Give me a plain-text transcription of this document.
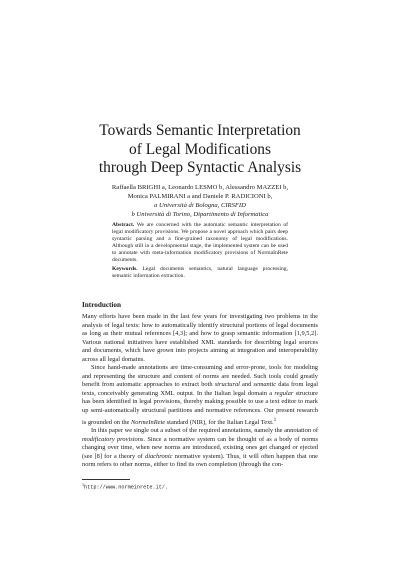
Towards Semantic Interpretation
of Legal Modifications
through Deep Syntactic Analysis
Raffaella BRIGHI a, Leonardo LESMO b, Alessandro MAZZEI b,
Monica PALMIRANI a and Daniele P. RADICIONI b,
a Università di Bologna, CIRSFID
b Università di Torino, Dipartimento di Informatica

Abstract. We are concerned with the automatic semantic interpretation of legal modificatory provisions. We propose a novel approach which pairs deep syntactic parsing and a fine-grained taxonomy of legal modifications. Although still in a developmental stage, the implemented system can be used to annotate with meta-information modificatory provisions of NormaInRete documents.

Keywords. Legal documents semantics, natural language processing, semantic information extraction.

Introduction

Many efforts have been made in the last few years for investigating two problems in the analysis of legal texts: how to automatically identify structural portions of legal documents as long as their mutual references [4,3]; and how to grasp semantic information [1,9,5,2]. Various national initiatives have established XML standards for describing legal sources and documents, which have grown into projects aiming at integration and interoperability across all legal domains.

Since hand-made annotations are time-consuming and error-prone, tools for modeling and representing the structure and content of norms are needed. Such tools could greatly benefit from automatic approaches to extract both structural and semantic data from legal texts, conceivably generating XML output. In the Italian legal domain a regular structure has been identified in legal provisions, thereby making possible to use a text editor to mark up semi-automatically structural partitions and normative references. Our present research is grounded on the NormeInRete standard (NIR), for the Italian Legal Text.$^1$

In this paper we single out a subset of the required annotations, namely the annotation of modificatory provisions. Since a normative system can be thought of as a body of norms changing over time, when new norms are introduced, existing ones get changed or ejected (see [8] for a theory of diachronic normative system). Thus, it will often happen that one norm refers to other norms, either to find its own completion (through the con-

$^1$http://www.normeinrete.it/.
